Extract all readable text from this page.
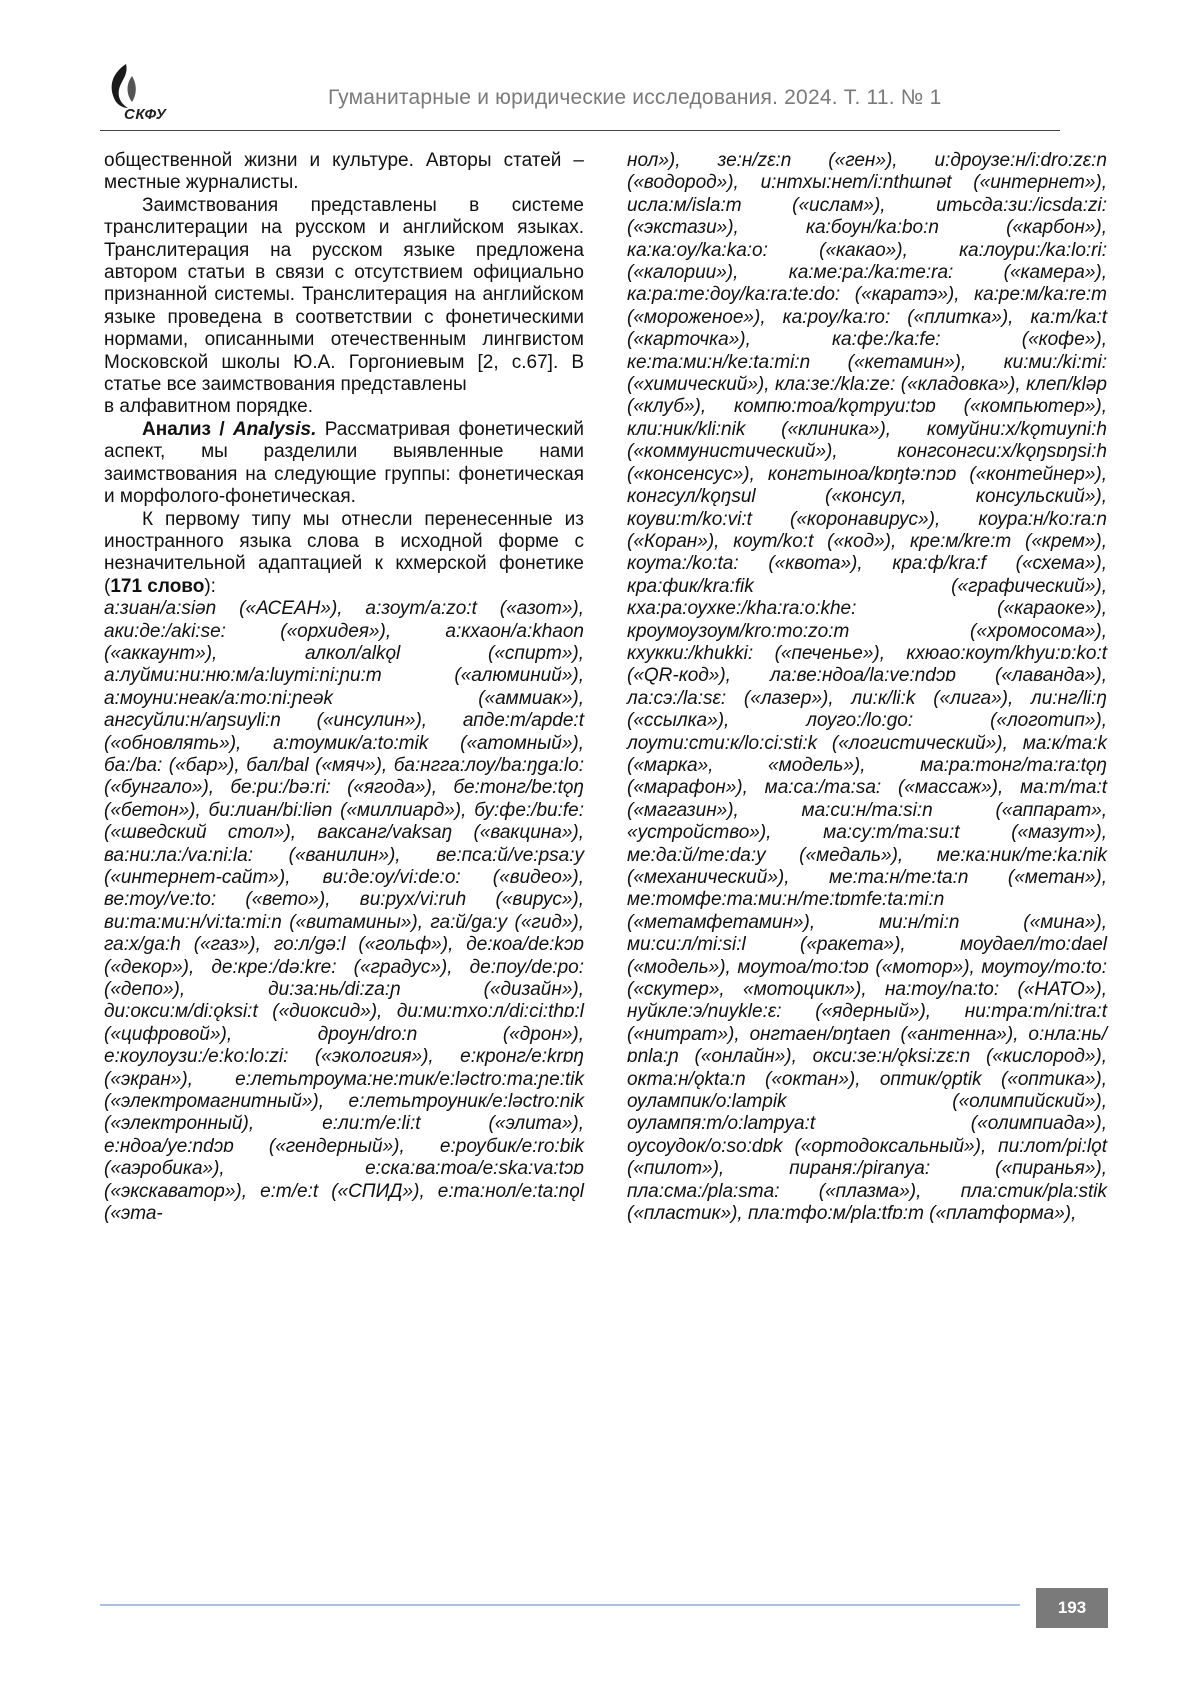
СКФУ
Гуманитарные и юридические исследования. 2024. Т. 11. № 1

общественной жизни и культуре. Авторы статей – местные журналисты.

Заимствования представлены в системе транслитерации на русском и английском языках. Транслитерация на русском языке предложена автором статьи в связи с отсутствием официально признанной системы. Транслитерация на английском языке проведена в соответствии с фонетическими нормами, описанными отечественным лингвистом Московской школы Ю.А. Горгониевым [2, с.67]. В статье все заимствования представлены

в алфавитном порядке.

Анализ / Analysis. Рассматривая фонетический аспект, мы разделили выявленные нами заимствования на следующие группы: фонетическая и морфолого-фонетическая.

К первому типу мы отнесли перенесенные из иностранного языка слова в исходной форме с незначительной адаптацией к кхмерской фонетике (171 слово):

а:зиан/a:siən («АСЕАН»), а:зоут/a:zo:t («азот»), аки:де:/aki:se: («орхидея»), а:кхаон/a:khaon («аккаунт»), алкол/alkǫl («спирт»), а:луйми:ни:ню:м/a:luymi:ni:ɲu:m («алюминий»), а:моуни:неак/a:mo:ni:ɲeək («аммиак»), ангсуйли:н/aŋsuyli:n («инсулин»), апде:т/apde:t («обновлять»), а:тоумик/a:to:mik («атомный»), ба:/ba: («бар»), бал/bal («мяч»), ба:нгга:лоу/ba:ŋga:lo: («бунгало»), бе:pu:/bə:ri: («ягода»), бе:тонг/be:tǫŋ («бетон»), би:лиан/bi:liən («миллиард»), бу:фе:/bu:fe: («шведский стол»), вaкcaнг/vaksaŋ («вакцина»), ва:ни:ла:/va:ni:la: («ванилин»), ве:пса:й/ve:psa:y («интернет-сайт»), ви:де:оу/vi:de:o: («видео»), ве:тоу/ve:to: («вето»), ви:рух/vi:ruh («вирус»), ви:та:ми:н/vi:ta:mi:n («витамины»), га:й/ga:y («гид»), га:х/ga:h («газ»), го:л/gə:l («гольф»), де:коа/de:kɔɒ («декор»), де:кре:/də:kre: («градус»), де:поу/de:po: («депо»), ди:за:нь/di:za:ɲ («дизайн»), ди:окси:м/di:ǫksi:t («диоксид»), ди:ми:тхо:л/di:ci:thɒ:l («цифровой»), дроун/dro:n («дрон»), е:коулоузи:/e:ko:lo:zi: («экология»), е:кронг/e:krɒŋ («экран»), е:летьтроума:не:тик/e:ləctro:ma:ɲe:tik («электромагнитный»), е:летьтроуник/e:ləctro:nik («электронный), е:ли:т/e:li:t («элита»), е:ндоа/ye:ndɔɒ («гендерный»), е:роубик/e:ro:bik («аэробика»), е:ска:ва:тоа/e:ska:va:tɔɒ («экскаватор»), е:т/e:t («СПИД»), е:та:нол/e:ta:nǫl («эта-

нол»), зе:н/zɛ:n («ген»), и:дроузе:н/i:dro:zɛ:n («водород»), и:нтхы:нет/i:nthɯnət («интернет»), исла:м/isla:m («ислам»), итьсда:зи:/icsda:zi: («экстази»), ка:боун/ka:bo:n («карбон»), ка:ка:оу/ka:ka:o: («какао»), ка:лоури:/ka:lo:ri: («калории»), ка:ме:ра:/ka:me:ra: («камера»), ка:ра:те:доу/ka:ra:te:do: («каратэ»), ка:ре:м/ka:re:m («мороженое»), ка:роу/ka:ro: («плитка»), ка:т/ka:t («карточка»), ка:фе:/ka:fe: («кофе»), ке:та:ми:н/ke:ta:mi:n («кетамин»), ки:ми:/ki:mi: («химический»), кла:зе:/kla:ze: («кладовка»), клеп/kləp («клуб»), компю:тоа/kǫmpyu:tɔɒ («компьютер»), кли:ник/kli:nik («клиника»), комуйни:х/kǫmuyni:h («коммунистический»), конгсонгси:х/kǫŋsɒŋsi:h («консенсус»), конгтыноа/kɒŋtə:nɔɒ («контейнер»), конгсул/kǫŋsul («консул, консульский»), коуви:т/ko:vi:t («коронавирус»), коура:н/ko:ra:n («Коран»), коут/ko:t («код»), кре:м/kre:m («крем»), коута:/ko:ta: («квота»), кра:ф/kra:f («схема»), кра:фик/kra:fik («графический»), кха:ра:оухке:/kha:ra:o:khe: («караоке»), кроумоузоум/kro:mo:zo:m («хромосома»), кхукки:/khukki: («печенье»), кхюао:коут/khyu:ɒ:ko:t («QR-код»), ла:ве:ндоа/la:ve:ndɔɒ («лаванда»), ла:сэ:/la:sɛ: («лазер»), ли:к/li:k («лига»), ли:нг/li:ŋ («ссылка»), лоуго:/lo:go: («логотип»), лоути:сти:к/lo:ci:sti:k («логистический»), ма:к/ma:k («марка», «модель»), ма:ра:тонг/ma:ra:tǫŋ («марафон»), ма:са:/ma:sa: («массаж»), ма:т/ma:t («магазин»), ма:си:н/ma:si:n («аппарат», «устройство»), ма:су:т/ma:su:t («мазут»), ме:да:й/me:da:y («медаль»), ме:ка:ник/me:ka:nik («механический»), ме:та:н/me:ta:n («метан»), ме:томфе:та:ми:н/me:tɒmfe:ta:mi:n («метамфетамин»), ми:н/mi:n («мина»), ми:си:л/mi:si:l («ракета»), моудаел/mo:dael («модель»), моутоа/mo:tɔɒ («мотор»), моутоу/mo:to: («скутер», «мотоцикл»), на:тоу/na:to: («НАТО»), нуйкле:э/nuykle:ɛ: («ядерный»), ни:тра:т/ni:tra:t («нитрат»), онгтаен/ɒŋtaen («антенна»), о:нла:нь/ɒnla:ɲ («онлайн»), окси:зе:н/ǫksi:zɛ:n («кислород»), окта:н/ǫkta:n («октан»), оптик/ǫptik («оптика»), оулампик/o:lampik («олимпийский»), оулампя:т/o:lampya:t («олимпиада»), оусоудок/o:so:dɒk («ортодоксальный»), пи:лот/pi:lǫt («пилот»), пираня:/piranya: («пиранья»), пла:сма:/pla:sma: («плазма»), пла:стик/pla:stik («пластик»), пла:тфо:м/pla:tfɒ:m («платформа»),

193
